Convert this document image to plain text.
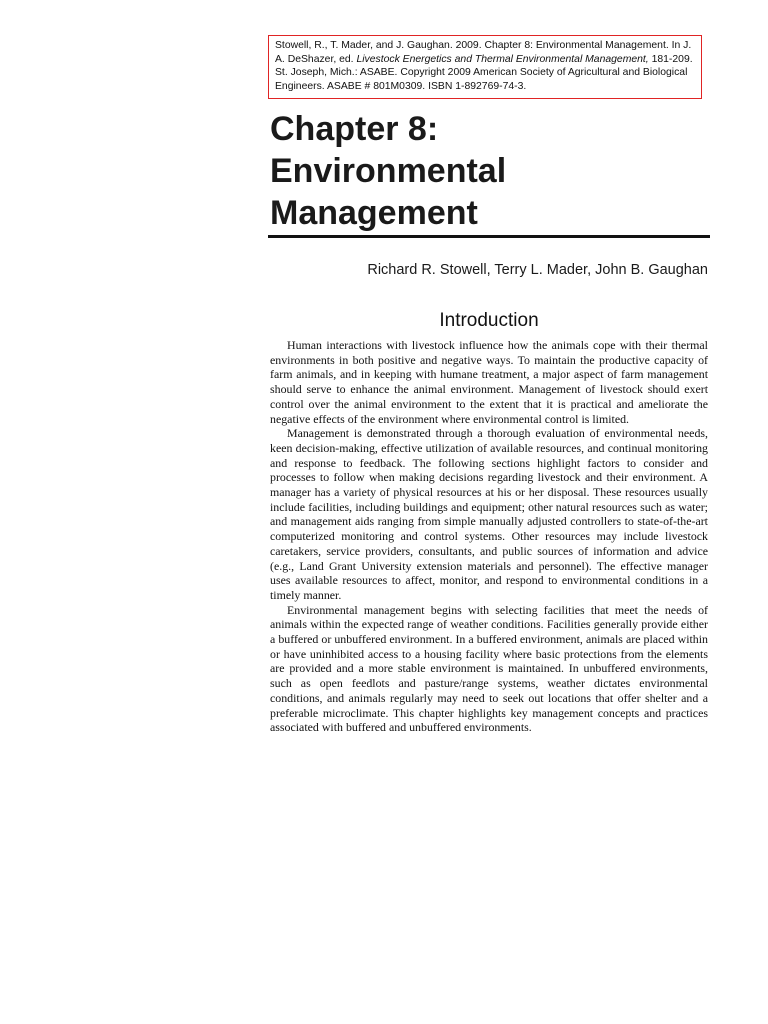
Stowell, R., T. Mader, and J. Gaughan. 2009. Chapter 8: Environmental Management. In J. A. DeShazer, ed. Livestock Energetics and Thermal Environmental Management, 181-209. St. Joseph, Mich.: ASABE. Copyright 2009 American Society of Agricultural and Biological Engineers. ASABE # 801M0309. ISBN 1-892769-74-3.
Chapter 8:
Environmental
Management
Richard R. Stowell, Terry L. Mader, John B. Gaughan
Introduction

Human interactions with livestock influence how the animals cope with their thermal environments in both positive and negative ways. To maintain the productive capacity of farm animals, and in keeping with humane treatment, a major aspect of farm management should serve to enhance the animal environment. Management of livestock should exert control over the animal environment to the extent that it is practical and ameliorate the negative effects of the environment where environmental control is limited.

Management is demonstrated through a thorough evaluation of environmental needs, keen decision-making, effective utilization of available resources, and continual monitoring and response to feedback. The following sections highlight factors to consider and processes to follow when making decisions regarding livestock and their environment. A manager has a variety of physical resources at his or her disposal. These resources usually include facilities, including buildings and equipment; other natural resources such as water; and management aids ranging from simple manually adjusted controllers to state-of-the-art computerized monitoring and control systems. Other resources may include livestock caretakers, service providers, consultants, and public sources of information and advice (e.g., Land Grant University extension materials and personnel). The effective manager uses available resources to affect, monitor, and respond to environmental conditions in a timely manner.

Environmental management begins with selecting facilities that meet the needs of animals within the expected range of weather conditions. Facilities generally provide either a buffered or unbuffered environment. In a buffered environment, animals are placed within or have uninhibited access to a housing facility where basic protections from the elements are provided and a more stable environment is maintained. In unbuffered environments, such as open feedlots and pasture/range systems, weather dictates environmental conditions, and animals regularly may need to seek out locations that offer shelter and a preferable microclimate. This chapter highlights key management concepts and practices associated with buffered and unbuffered environments.
